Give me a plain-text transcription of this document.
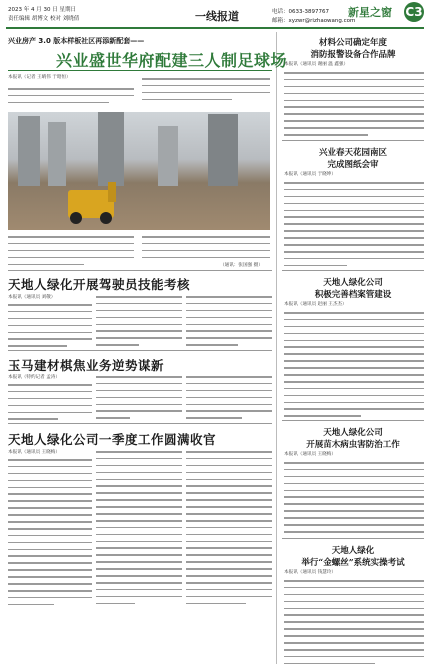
2023 年 4 月 30 日 星期日
责任编辑 胡博文 校对 刘晓倩	一线报道	电话：0633-3897767
邮箱：xyzwr@rizhaowang.com
新星之窗 C3
兴业房产 3.0 版本样板社区再添新配套——
兴业盛世华府配建三人制足球场
本报讯（记者 王晴伟 于昭恒）
（通讯：张国强 摄）
天地人绿化开展驾驶员技能考核
本报讯（通讯员 刘敬）
玉马建材棋焦业务逆势谋新
本报讯（特约记者 孟涛）
天地人绿化公司一季度工作圆满收官
本报讯（通讯员 王晓梅）
材料公司确定年度
消防报警设备合作品牌
本报讯（通讯员 谢丽 温 鑫强）
兴业春天花园南区
完成图纸会审
本报讯（通讯员 于晓坤）
天地人绿化公司
积极完善档案管建设
本报讯（通讯员 赵丽 王杰杰）
天地人绿化公司
开展苗木病虫害防治工作
本报讯（通讯员 王晓梅）
天地人绿化
举行“金螺丝”系统实操考试
本报讯（通讯员 钱慧玲）
